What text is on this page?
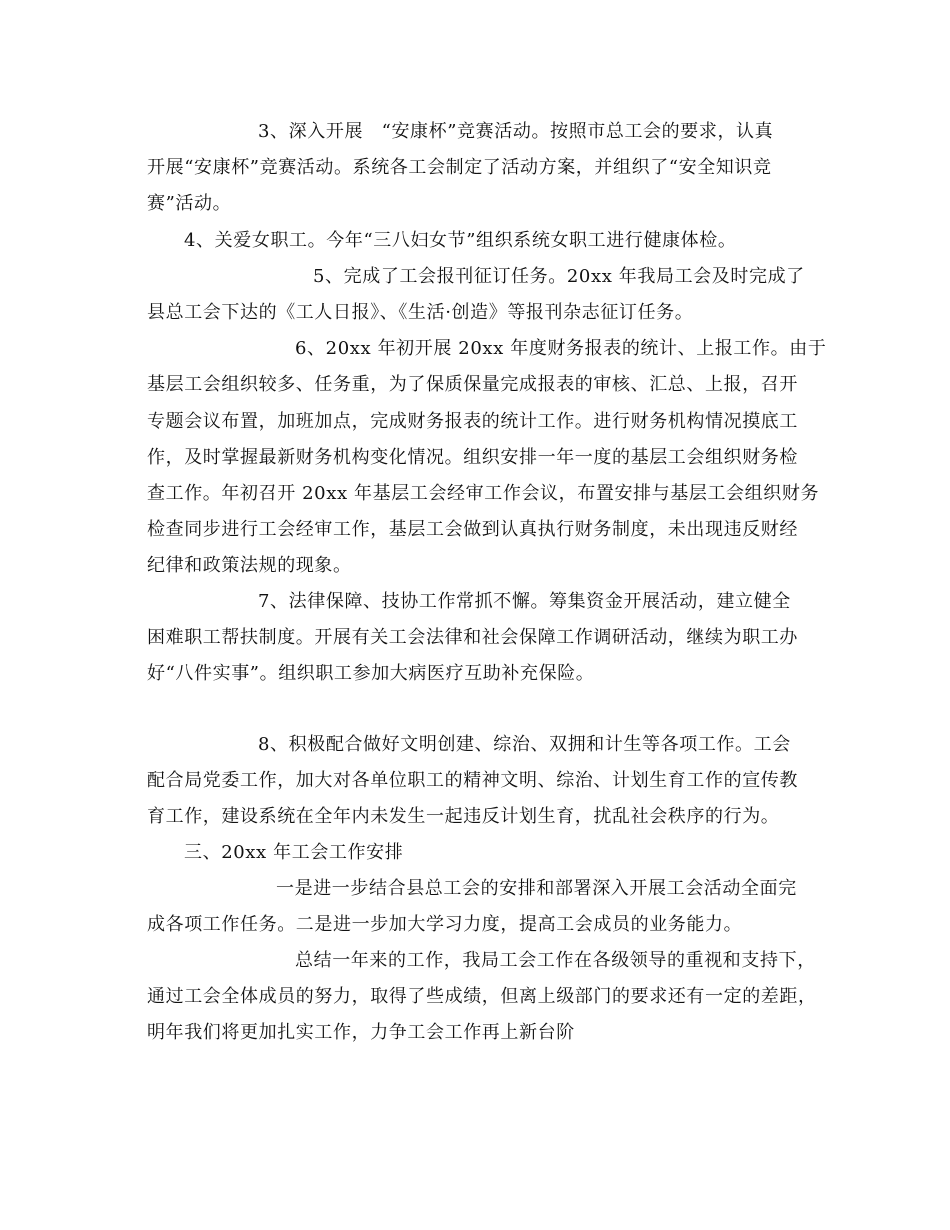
3、深入开展　“安康杯”竞赛活动。按照市总工会的要求，认真
开展“安康杯”竞赛活动。系统各工会制定了活动方案，并组织了“安全知识竞
赛”活动。
4、关爱女职工。今年“三八妇女节”组织系统女职工进行健康体检。
5、完成了工会报刊征订任务。20xx 年我局工会及时完成了
县总工会下达的《工人日报》、《生活·创造》等报刊杂志征订任务。
6、20xx 年初开展 20xx 年度财务报表的统计、上报工作。由于
基层工会组织较多、任务重，为了保质保量完成报表的审核、汇总、上报，召开
专题会议布置，加班加点，完成财务报表的统计工作。进行财务机构情况摸底工
作，及时掌握最新财务机构变化情况。组织安排一年一度的基层工会组织财务检
查工作。年初召开 20xx 年基层工会经审工作会议，布置安排与基层工会组织财务
检查同步进行工会经审工作，基层工会做到认真执行财务制度，未出现违反财经
纪律和政策法规的现象。
7、法律保障、技协工作常抓不懈。筹集资金开展活动，建立健全
困难职工帮扶制度。开展有关工会法律和社会保障工作调研活动，继续为职工办
好“八件实事”。组织职工参加大病医疗互助补充保险。
8、积极配合做好文明创建、综治、双拥和计生等各项工作。工会
配合局党委工作，加大对各单位职工的精神文明、综治、计划生育工作的宣传教
育工作，建设系统在全年内未发生一起违反计划生育，扰乱社会秩序的行为。
三、20xx 年工会工作安排
一是进一步结合县总工会的安排和部署深入开展工会活动全面完
成各项工作任务。二是进一步加大学习力度，提高工会成员的业务能力。
总结一年来的工作，我局工会工作在各级领导的重视和支持下，
通过工会全体成员的努力，取得了些成绩，但离上级部门的要求还有一定的差距，
明年我们将更加扎实工作，力争工会工作再上新台阶
